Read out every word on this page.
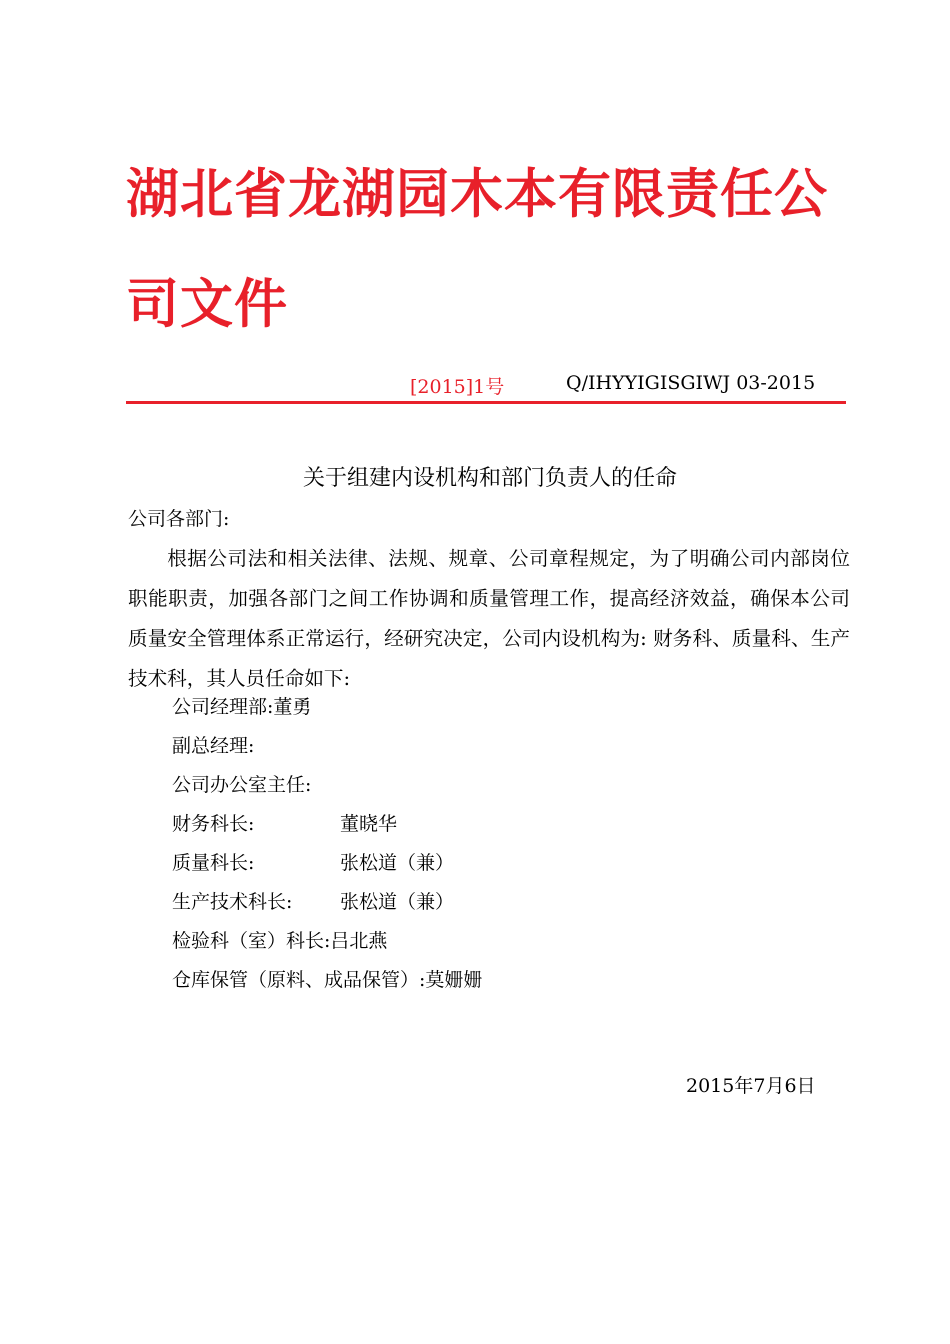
湖北省龙湖园木本有限责任公司文件
[2015]1号	Q/IHYYIGISGIWJ 03-2015
关于组建内设机构和部门负责人的任命
公司各部门:
根据公司法和相关法律、法规、规章、公司章程规定，为了明确公司内部岗位职能职责，加强各部门之间工作协调和质量管理工作，提高经济效益，确保本公司质量安全管理体系正常运行，经研究决定，公司内设机构为: 财务科、质量科、生产技术科，其人员任命如下:
公司经理部:董勇
副总经理:
公司办公室主任:
财务科长:	董晓华
质量科长:	张松道（兼）
生产技术科长:	张松道（兼）
检验科（室）科长:吕北燕
仓库保管（原料、成品保管）:莫姗姗
2015年7月6日
